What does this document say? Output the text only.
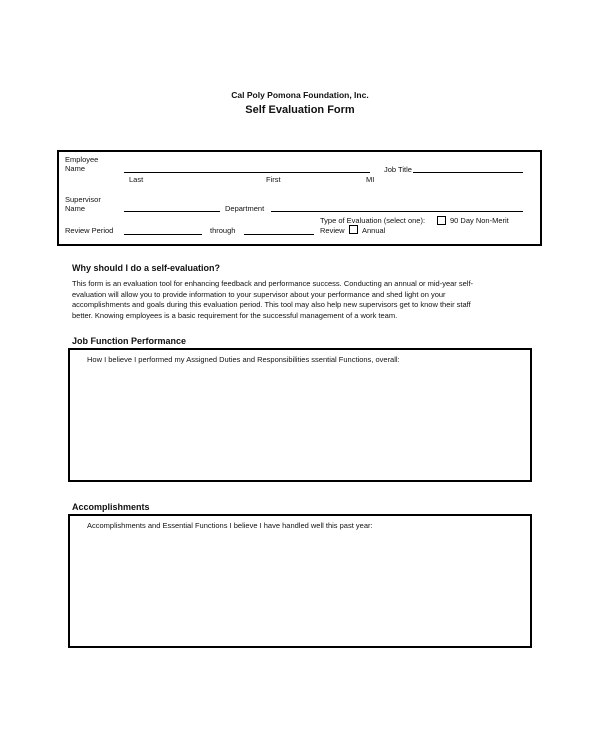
Cal Poly Pomona Foundation, Inc.
Self Evaluation Form
Employee
Name
Last	First	MI
Job Title
Supervisor
Name	Department
Review Period	through
Type of Evaluation (select one):	90 Day Non-Merit
Review Annual
Why should I do a self-evaluation?
This form is an evaluation tool for enhancing feedback and performance success. Conducting an annual or mid-year self-
evaluation will allow you to provide information to your supervisor about your performance and shed light on your
accomplishments and goals during this evaluation period. This tool may also help new supervisors get to know their staff
better. Knowing employees is a basic requirement for the successful management of a work team.
Job Function Performance
How I believe I performed my Assigned Duties and Responsibilities ssential Functions, overall:
Accomplishments
Accomplishments and Essential Functions I believe I have handled well this past year:
